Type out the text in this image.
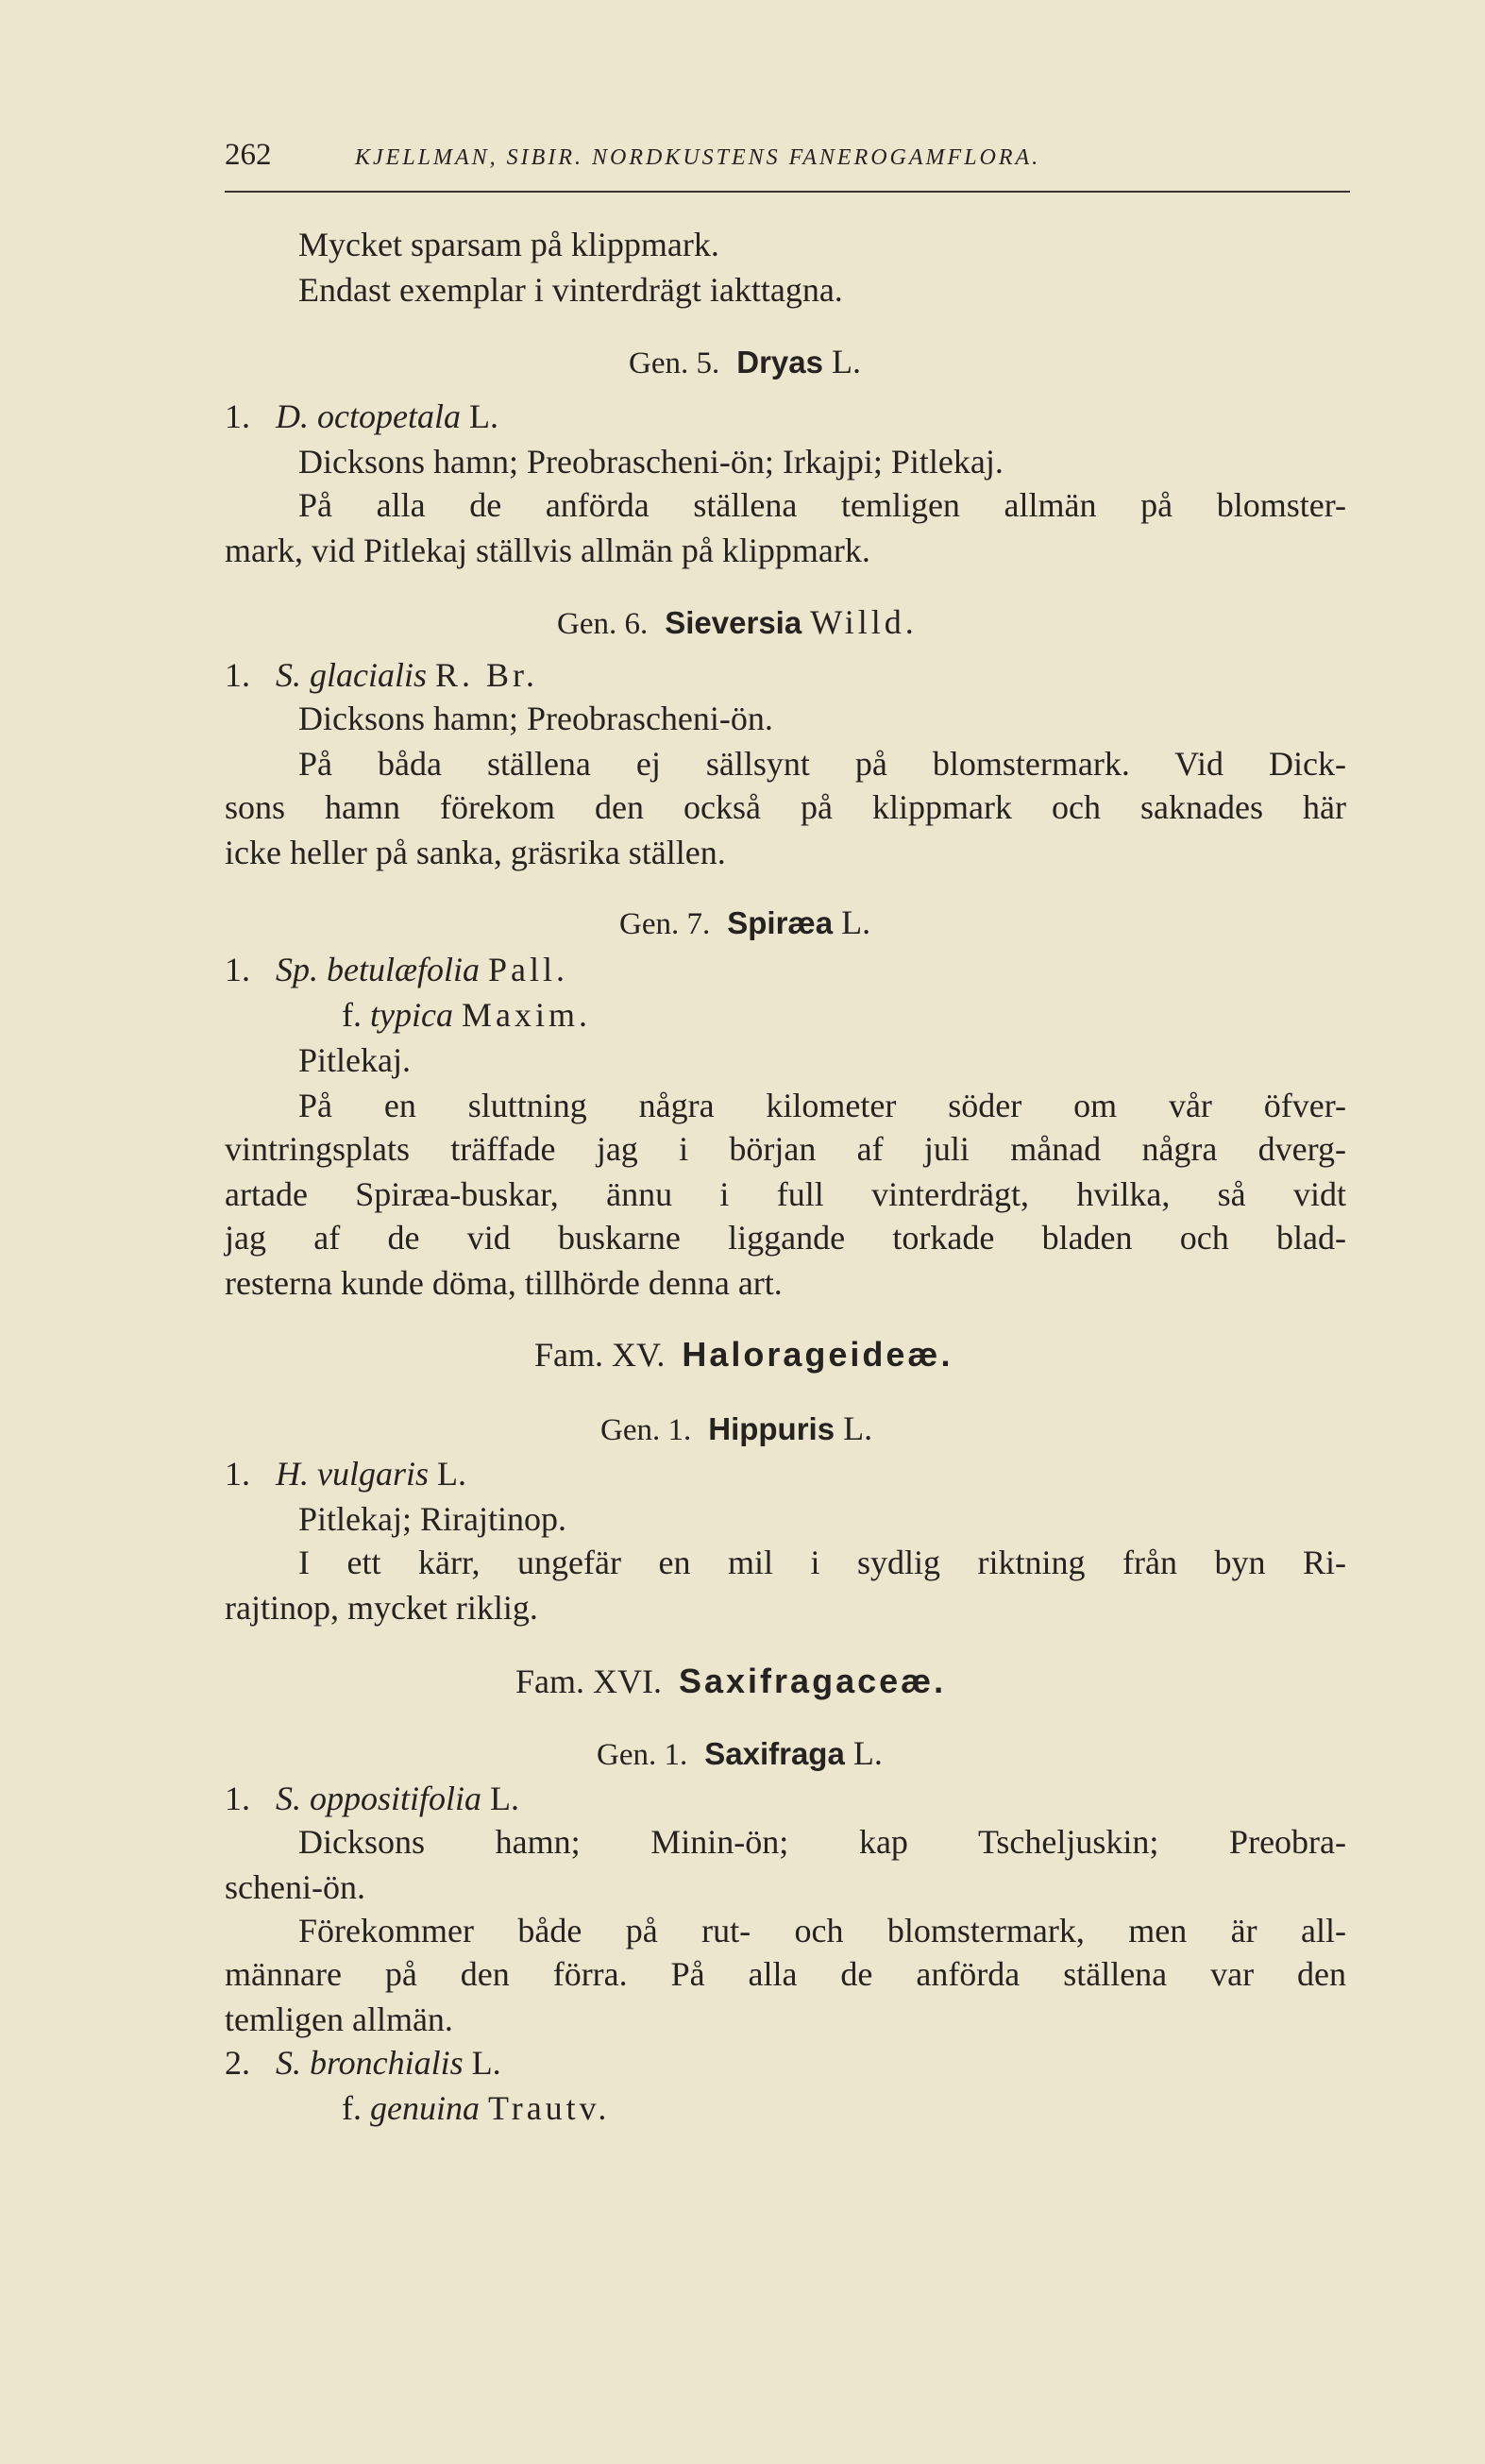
262	KJELLMAN, SIBIR. NORDKUSTENS FANEROGAMFLORA.
Mycket sparsam på klippmark.
Endast exemplar i vinterdrägt iakttagna.
Gen. 5. Dryas L.
1. D. octopetala L.
Dicksons hamn; Preobrascheni-ön; Irkajpi; Pitlekaj.
På alla de anförda ställena temligen allmän på blomster-
mark, vid Pitlekaj ställvis allmän på klippmark.
Gen. 6. Sieversia Willd.
1. S. glacialis R. Br.
Dicksons hamn; Preobrascheni-ön.
På båda ställena ej sällsynt på blomstermark. Vid Dick-
sons hamn förekom den också på klippmark och saknades här
icke heller på sanka, gräsrika ställen.
Gen. 7. Spiræa L.
1. Sp. betulæfolia Pall.
f. typica Maxim.
Pitlekaj.
På en sluttning några kilometer söder om vår öfver-
vintringsplats träffade jag i början af juli månad några dverg-
artade Spiræa-buskar, ännu i full vinterdrägt, hvilka, så vidt
jag af de vid buskarne liggande torkade bladen och blad-
resterna kunde döma, tillhörde denna art.
Fam. XV. Halorageideæ.
Gen. 1. Hippuris L.
1. H. vulgaris L.
Pitlekaj; Rirajtinop.
I ett kärr, ungefär en mil i sydlig riktning från byn Ri-
rajtinop, mycket riklig.
Fam. XVI. Saxifragaceæ.
Gen. 1. Saxifraga L.
1. S. oppositifolia L.
Dicksons hamn; Minin-ön; kap Tscheljuskin; Preobra-
scheni-ön.
Förekommer både på rut- och blomstermark, men är all-
männare på den förra. På alla de anförda ställena var den
temligen allmän.
2. S. bronchialis L.
f. genuina Trautv.
